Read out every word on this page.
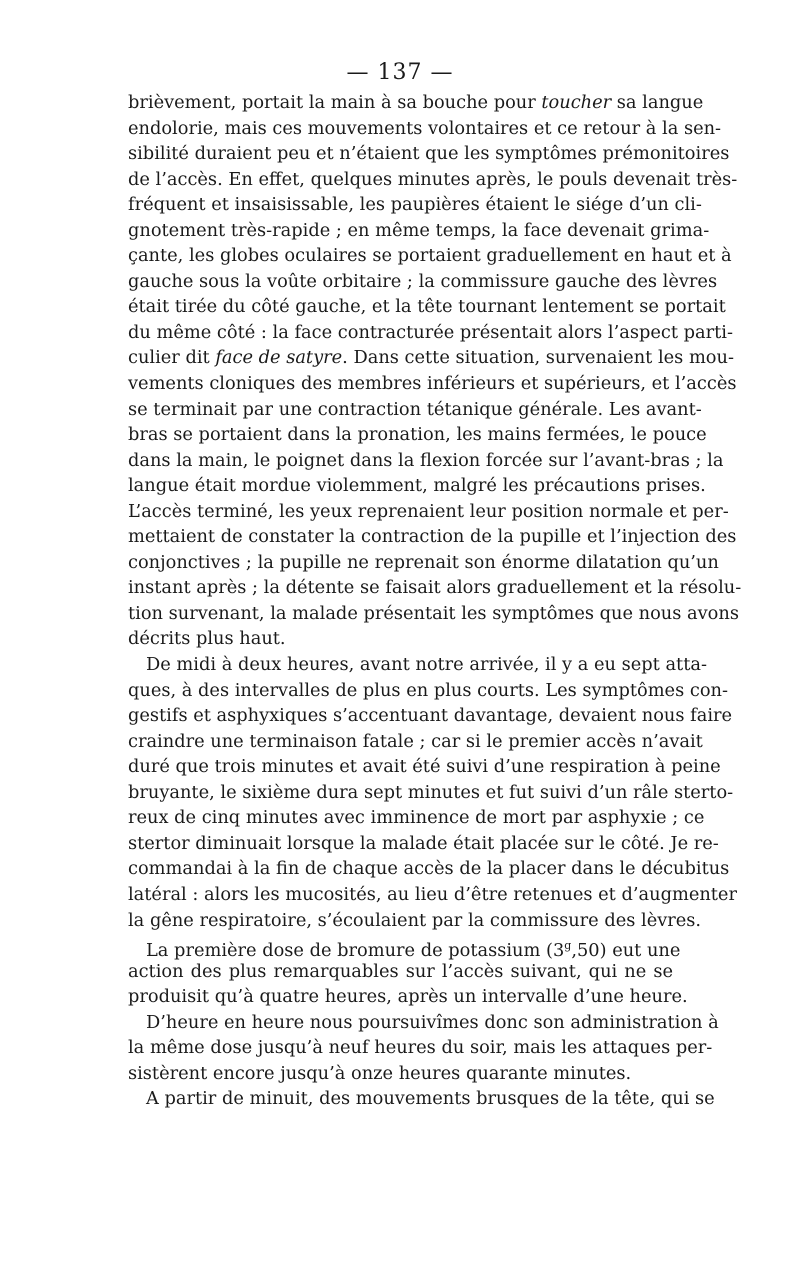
— 137 —
brièvement, portait la main à sa bouche pour toucher sa langue
endolorie, mais ces mouvements volontaires et ce retour à la sen-
sibilité duraient peu et n’étaient que les symptômes prémonitoires
de l’accès. En effet, quelques minutes après, le pouls devenait très-
fréquent et insaisissable, les paupières étaient le siége d’un cli-
gnotement très-rapide ; en même temps, la face devenait grima-
çante, les globes oculaires se portaient graduellement en haut et à
gauche sous la voûte orbitaire ; la commissure gauche des lèvres
était tirée du côté gauche, et la tête tournant lentement se portait
du même côté : la face contracturée présentait alors l’aspect parti-
culier dit face de satyre. Dans cette situation, survenaient les mou-
vements cloniques des membres inférieurs et supérieurs, et l’accès
se terminait par une contraction tétanique générale. Les avant-
bras se portaient dans la pronation, les mains fermées, le pouce
dans la main, le poignet dans la flexion forcée sur l’avant-bras ; la
langue était mordue violemment, malgré les précautions prises.
L’accès terminé, les yeux reprenaient leur position normale et per-
mettaient de constater la contraction de la pupille et l’injection des
conjonctives ; la pupille ne reprenait son énorme dilatation qu’un
instant après ; la détente se faisait alors graduellement et la résolu-
tion survenant, la malade présentait les symptômes que nous avons
décrits plus haut.
De midi à deux heures, avant notre arrivée, il y a eu sept atta-
ques, à des intervalles de plus en plus courts. Les symptômes con-
gestifs et asphyxiques s’accentuant davantage, devaient nous faire
craindre une terminaison fatale ; car si le premier accès n’avait
duré que trois minutes et avait été suivi d’une respiration à peine
bruyante, le sixième dura sept minutes et fut suivi d’un râle sterto-
reux de cinq minutes avec imminence de mort par asphyxie ; ce
stertor diminuait lorsque la malade était placée sur le côté. Je re-
commandai à la fin de chaque accès de la placer dans le décubitus
latéral : alors les mucosités, au lieu d’être retenues et d’augmenter
la gêne respiratoire, s’écoulaient par la commissure des lèvres.
La première dose de bromure de potassium (3$^g$,50) eut une
action des plus remarquables sur l’accès suivant, qui ne se
produisit qu’à quatre heures, après un intervalle d’une heure.
D’heure en heure nous poursuivîmes donc son administration à
la même dose jusqu’à neuf heures du soir, mais les attaques per-
sistèrent encore jusqu’à onze heures quarante minutes.
A partir de minuit, des mouvements brusques de la tête, qui se
